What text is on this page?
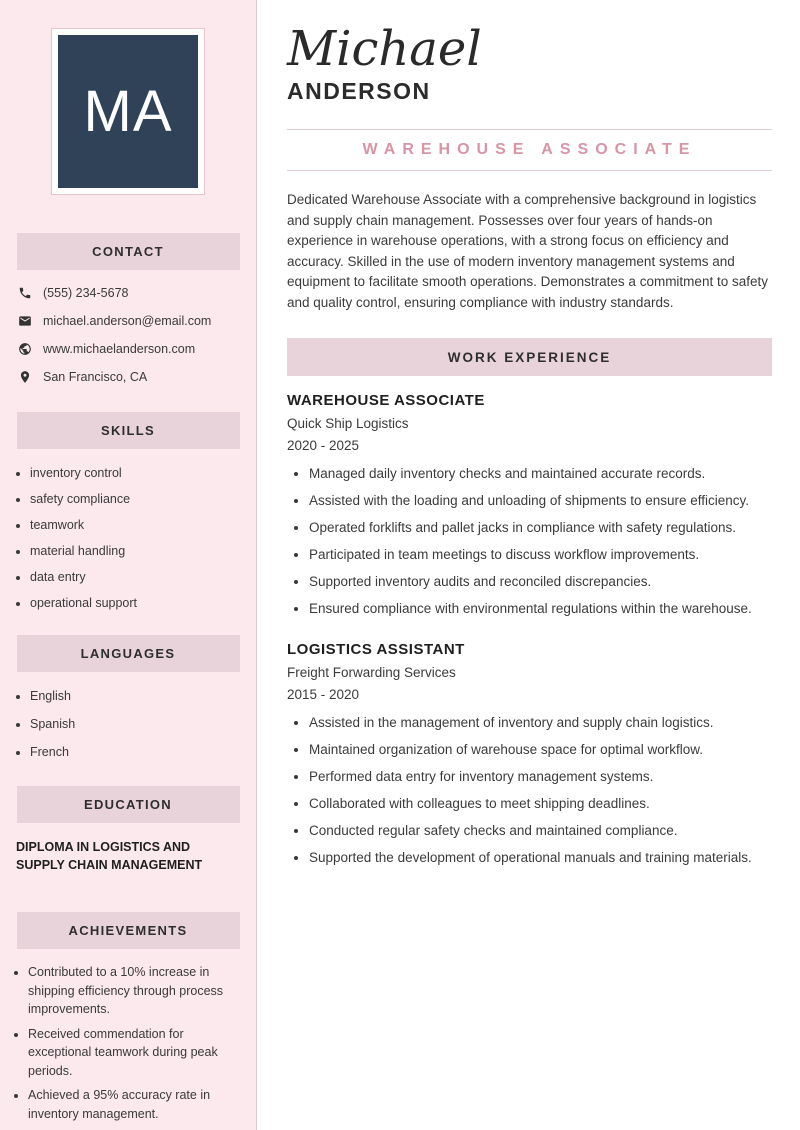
MA
CONTACT
(555) 234-5678
michael.anderson@email.com
www.michaelanderson.com
San Francisco, CA
SKILLS
• inventory control
• safety compliance
• teamwork
• material handling
• data entry
• operational support
LANGUAGES
• English
• Spanish
• French
EDUCATION
DIPLOMA IN LOGISTICS AND SUPPLY CHAIN MANAGEMENT
ACHIEVEMENTS
• Contributed to a 10% increase in shipping efficiency through process improvements.
• Received commendation for exceptional teamwork during peak periods.
• Achieved a 95% accuracy rate in inventory management.
Michael
ANDERSON
WAREHOUSE ASSOCIATE

Dedicated Warehouse Associate with a comprehensive background in logistics and supply chain management. Possesses over four years of hands-on experience in warehouse operations, with a strong focus on efficiency and accuracy. Skilled in the use of modern inventory management systems and equipment to facilitate smooth operations. Demonstrates a commitment to safety and quality control, ensuring compliance with industry standards.

WORK EXPERIENCE
WAREHOUSE ASSOCIATE
Quick Ship Logistics
2020 - 2025
• Managed daily inventory checks and maintained accurate records.
• Assisted with the loading and unloading of shipments to ensure efficiency.
• Operated forklifts and pallet jacks in compliance with safety regulations.
• Participated in team meetings to discuss workflow improvements.
• Supported inventory audits and reconciled discrepancies.
• Ensured compliance with environmental regulations within the warehouse.
LOGISTICS ASSISTANT
Freight Forwarding Services
2015 - 2020
• Assisted in the management of inventory and supply chain logistics.
• Maintained organization of warehouse space for optimal workflow.
• Performed data entry for inventory management systems.
• Collaborated with colleagues to meet shipping deadlines.
• Conducted regular safety checks and maintained compliance.
• Supported the development of operational manuals and training materials.
